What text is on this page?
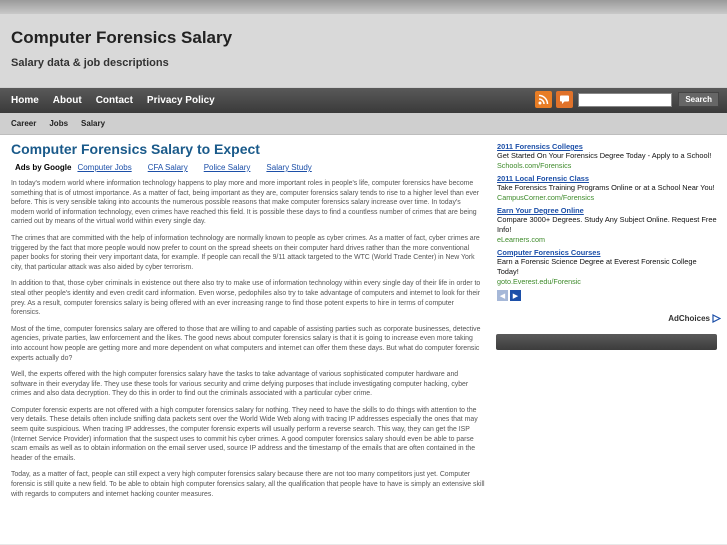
Computer Forensics Salary
Salary data & job descriptions
Home About Contact Privacy Policy	Search
Career Jobs Salary
Computer Forensics Salary to Expect
Ads by Google Computer Jobs CFA Salary Police Salary Salary Study

In today's modern world where information technology happens to play more and more important roles in people's life, computer forensics have become something that is of utmost importance. As a matter of fact, being important as they are, computer forensics salary tends to rise to a higher level than ever before. This is very sensible taking into accounts the numerous possible reasons that make computer forensics salary increase over time. In today's modern world of information technology, even crimes have reached this field. It is possible these days to find a countless number of crimes that are being carried out by means of the virtual world within every single day.

The crimes that are committed with the help of information technology are normally known to people as cyber crimes. As a matter of fact, cyber crimes are triggered by the fact that more people would now prefer to count on the spread sheets on their computer hard drives rather than the more conventional paper books for storing their very important data, for example. If people can recall the 9/11 attack targeted to the WTC (World Trade Center) in New York city, that particular attack was also aided by cyber terrorism.

In addition to that, those cyber criminals in existence out there also try to make use of information technology within every single day of their life in order to steal other people's identity and even credit card information. Even worse, pedophiles also try to take advantage of computers and internet to look for their prey. As a result, computer forensics salary is being offered with an ever increasing range to find those potent experts to hire in terms of computer forensics.

Most of the time, computer forensics salary are offered to those that are willing to and capable of assisting parties such as corporate businesses, detective agencies, private parties, law enforcement and the likes. The good news about computer forensics salary is that it is going to increase even more taking into account how people are getting more and more dependent on what computers and internet can offer them these days. But what do computer forensic experts actually do?

Well, the experts offered with the high computer forensics salary have the tasks to take advantage of various sophisticated computer hardware and software in their everyday life. They use these tools for various security and crime defying purposes that include investigating computer hacking, cyber crimes and also data decryption. They do this in order to find out the criminals associated with a particular cyber crime.

Computer forensic experts are not offered with a high computer forensics salary for nothing. They need to have the skills to do things with attention to the very details. These details often include sniffing data packets sent over the World Wide Web along with tracing IP addresses especially the ones that may seem quite suspicious. When tracing IP addresses, the computer forensic experts will usually perform a reverse search. This way, they can get the ISP (Internet Service Provider) information that the suspect uses to commit his cyber crimes. A good computer forensics salary should even be able to parse scam emails as well as to obtain information on the email server used, source IP address and the timestamp of the emails that are often contained in the header of the emails.

Today, as a matter of fact, people can still expect a very high computer forensics salary because there are not too many competitors just yet. Computer forensic is still quite a new field. To be able to obtain high computer forensics salary, all the qualification that people have to have is simply an extensive skill with regards to computers and internet hacking counter measures.

2011 Forensics Colleges
Get Started On Your Forensics Degree Today - Apply to a School!
Schools.com/Forensics
2011 Local Forensic Class
Take Forensics Training Programs Online or at a School Near You!
CampusCorner.com/Forensics
Earn Your Degree Online
Compare 3000+ Degrees. Study Any Subject Online. Request Free Info!
eLearners.com
Computer Forensics Courses
Earn a Forensic Science Degree at Everest Forensic College Today!
goto.Everest.edu/Forensic
◀	▶
AdChoices
